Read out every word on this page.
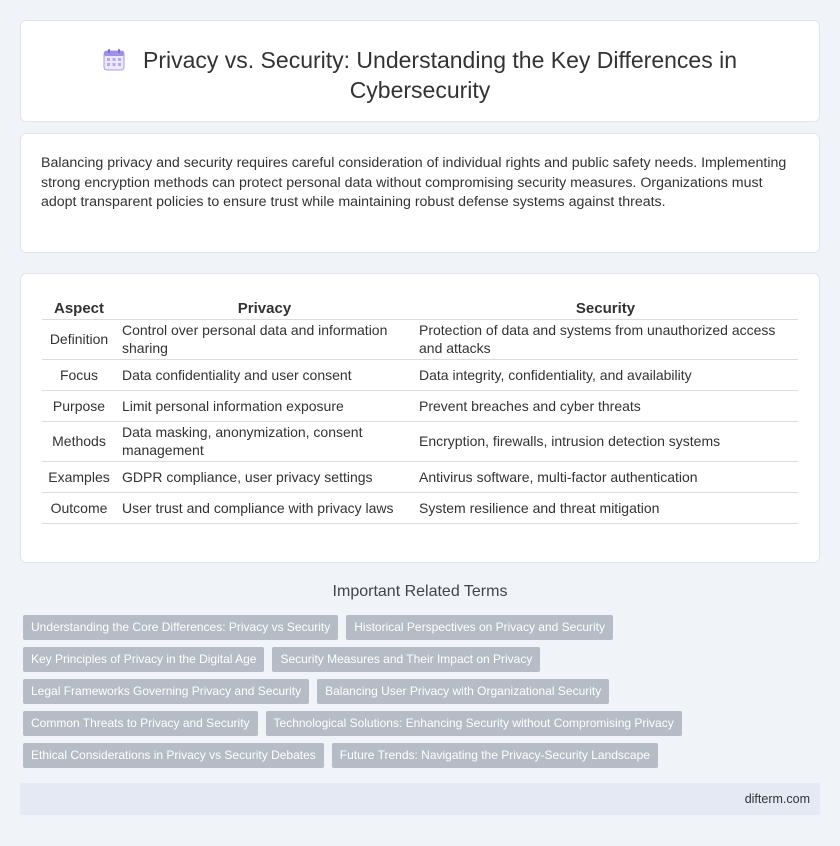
Privacy vs. Security: Understanding the Key Differences in
Cybersecurity

Balancing privacy and security requires careful consideration of individual rights and public safety needs. Implementing strong encryption methods can protect personal data without compromising security measures. Organizations must adopt transparent policies to ensure trust while maintaining robust defense systems against threats.

Aspect	Privacy	Security
Definition	Control over personal data and information sharing	Protection of data and systems from unauthorized access and attacks
Focus	Data confidentiality and user consent	Data integrity, confidentiality, and availability
Purpose	Limit personal information exposure	Prevent breaches and cyber threats
Methods	Data masking, anonymization, consent management	Encryption, firewalls, intrusion detection systems
Examples	GDPR compliance, user privacy settings	Antivirus software, multi-factor authentication
Outcome	User trust and compliance with privacy laws	System resilience and threat mitigation
Important Related Terms
Understanding the Core Differences: Privacy vs Security	Historical Perspectives on Privacy and Security
Key Principles of Privacy in the Digital Age	Security Measures and Their Impact on Privacy
Legal Frameworks Governing Privacy and Security	Balancing User Privacy with Organizational Security
Common Threats to Privacy and Security	Technological Solutions: Enhancing Security without Compromising Privacy
Ethical Considerations in Privacy vs Security Debates	Future Trends: Navigating the Privacy-Security Landscape
difterm.com
